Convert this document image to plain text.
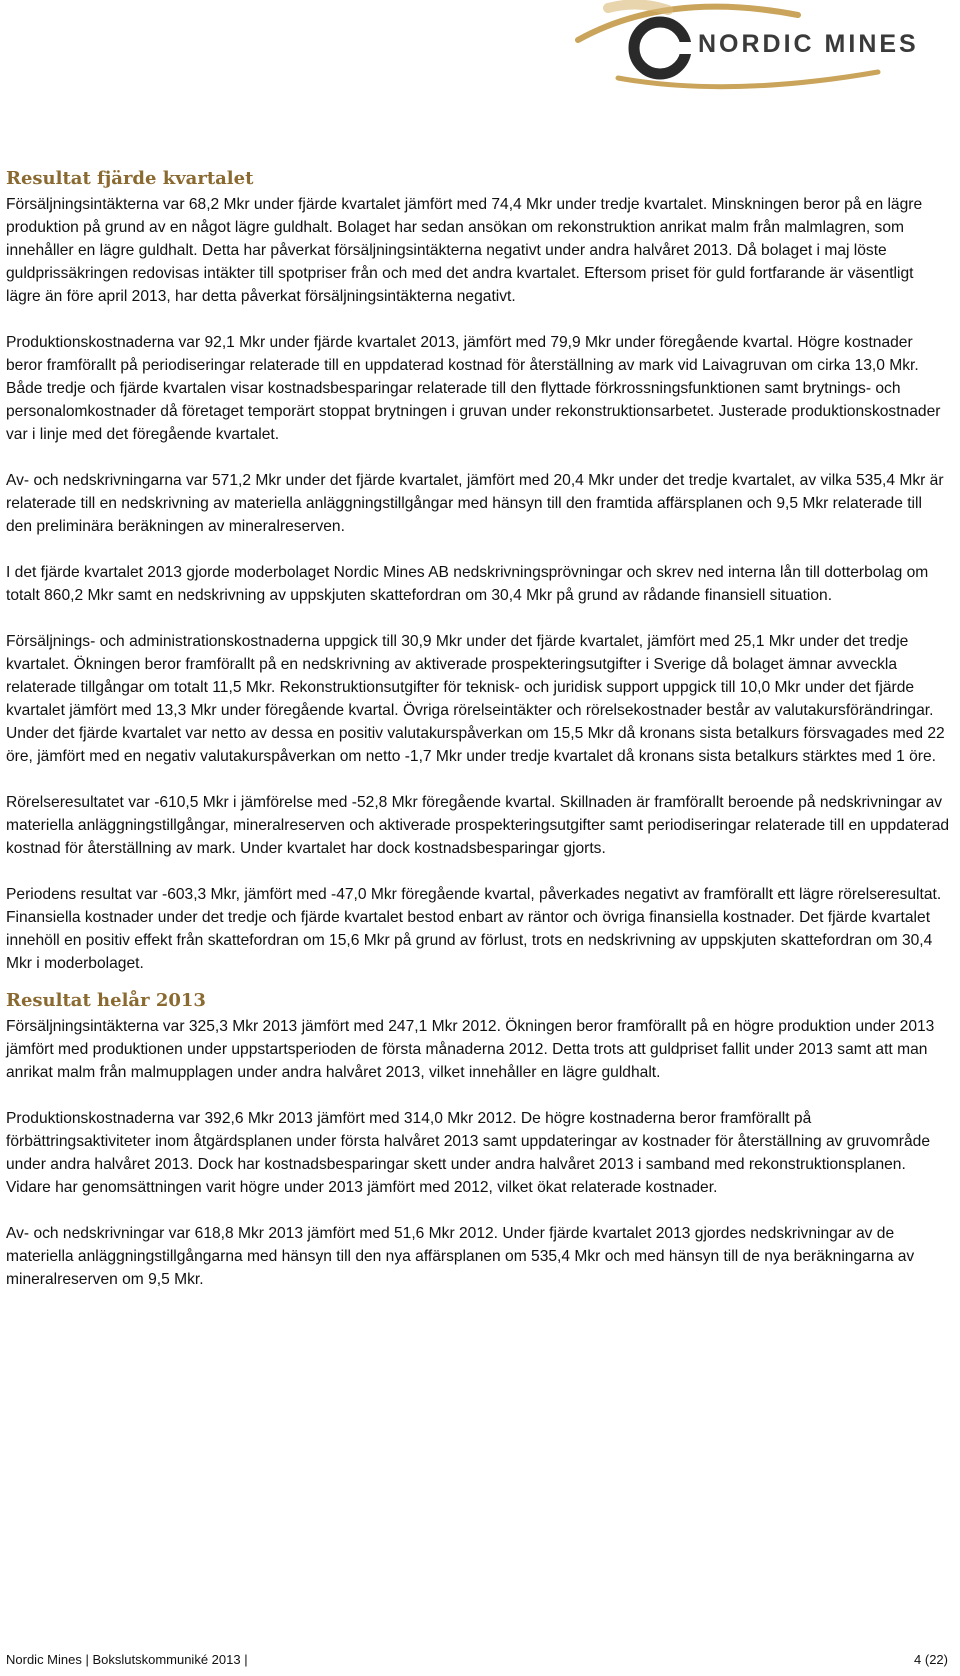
NORDIC MINES
Resultat fjärde kvartalet

Försäljningsintäkterna var 68,2 Mkr under fjärde kvartalet jämfört med 74,4 Mkr under tredje kvartalet. Minskningen beror på en lägre produktion på grund av en något lägre guldhalt. Bolaget har sedan ansökan om rekonstruktion anrikat malm från malmlagren, som innehåller en lägre guldhalt. Detta har påverkat försäljningsintäkterna negativt under andra halvåret 2013. Då bolaget i maj löste guldprissäkringen redovisas intäkter till spotpriser från och med det andra kvartalet. Eftersom priset för guld fortfarande är väsentligt lägre än före april 2013, har detta påverkat försäljningsintäkterna negativt.

Produktionskostnaderna var 92,1 Mkr under fjärde kvartalet 2013, jämfört med 79,9 Mkr under föregående kvartal. Högre kostnader beror framförallt på periodiseringar relaterade till en uppdaterad kostnad för återställning av mark vid Laivagruvan om cirka 13,0 Mkr. Både tredje och fjärde kvartalen visar kostnadsbesparingar relaterade till den flyttade förkrossningsfunktionen samt brytnings- och personalomkostnader då företaget temporärt stoppat brytningen i gruvan under rekonstruktionsarbetet. Justerade produktionskostnader var i linje med det föregående kvartalet.

Av- och nedskrivningarna var 571,2 Mkr under det fjärde kvartalet, jämfört med 20,4 Mkr under det tredje kvartalet, av vilka 535,4 Mkr är relaterade till en nedskrivning av materiella anläggningstillgångar med hänsyn till den framtida affärsplanen och 9,5 Mkr relaterade till den preliminära beräkningen av mineralreserven.

I det fjärde kvartalet 2013 gjorde moderbolaget Nordic Mines AB nedskrivningsprövningar och skrev ned interna lån till dotterbolag om totalt 860,2 Mkr samt en nedskrivning av uppskjuten skattefordran om 30,4 Mkr på grund av rådande finansiell situation.

Försäljnings- och administrationskostnaderna uppgick till 30,9 Mkr under det fjärde kvartalet, jämfört med 25,1 Mkr under det tredje kvartalet. Ökningen beror framförallt på en nedskrivning av aktiverade prospekteringsutgifter i Sverige då bolaget ämnar avveckla relaterade tillgångar om totalt 11,5 Mkr. Rekonstruktionsutgifter för teknisk- och juridisk support uppgick till 10,0 Mkr under det fjärde kvartalet jämfört med 13,3 Mkr under föregående kvartal. Övriga rörelseintäkter och rörelsekostnader består av valutakursförändringar. Under det fjärde kvartalet var netto av dessa en positiv valutakurspåverkan om 15,5 Mkr då kronans sista betalkurs försvagades med 22 öre, jämfört med en negativ valutakurspåverkan om netto -1,7 Mkr under tredje kvartalet då kronans sista betalkurs stärktes med 1 öre.

Rörelseresultatet var -610,5 Mkr i jämförelse med -52,8 Mkr föregående kvartal. Skillnaden är framförallt beroende på nedskrivningar av materiella anläggningstillgångar, mineralreserven och aktiverade prospekteringsutgifter samt periodiseringar relaterade till en uppdaterad kostnad för återställning av mark. Under kvartalet har dock kostnadsbesparingar gjorts.

Periodens resultat var -603,3 Mkr, jämfört med -47,0 Mkr föregående kvartal, påverkades negativt av framförallt ett lägre rörelseresultat. Finansiella kostnader under det tredje och fjärde kvartalet bestod enbart av räntor och övriga finansiella kostnader. Det fjärde kvartalet innehöll en positiv effekt från skattefordran om 15,6 Mkr på grund av förlust, trots en nedskrivning av uppskjuten skattefordran om 30,4 Mkr i moderbolaget.

Resultat helår 2013

Försäljningsintäkterna var 325,3 Mkr 2013 jämfört med 247,1 Mkr 2012. Ökningen beror framförallt på en högre produktion under 2013 jämfört med produktionen under uppstartsperioden de första månaderna 2012. Detta trots att guldpriset fallit under 2013 samt att man anrikat malm från malmupplagen under andra halvåret 2013, vilket innehåller en lägre guldhalt.

Produktionskostnaderna var 392,6 Mkr 2013 jämfört med 314,0 Mkr 2012. De högre kostnaderna beror framförallt på förbättringsaktiviteter inom åtgärdsplanen under första halvåret 2013 samt uppdateringar av kostnader för återställning av gruvområde under andra halvåret 2013. Dock har kostnadsbesparingar skett under andra halvåret 2013 i samband med rekonstruktionsplanen. Vidare har genomsättningen varit högre under 2013 jämfört med 2012, vilket ökat relaterade kostnader.

Av- och nedskrivningar var 618,8 Mkr 2013 jämfört med 51,6 Mkr 2012. Under fjärde kvartalet 2013 gjordes nedskrivningar av de materiella anläggningstillgångarna med hänsyn till den nya affärsplanen om 535,4 Mkr och med hänsyn till de nya beräkningarna av mineralreserven om 9,5 Mkr.

Nordic Mines | Bokslutskommuniké 2013 |	4 (22)
